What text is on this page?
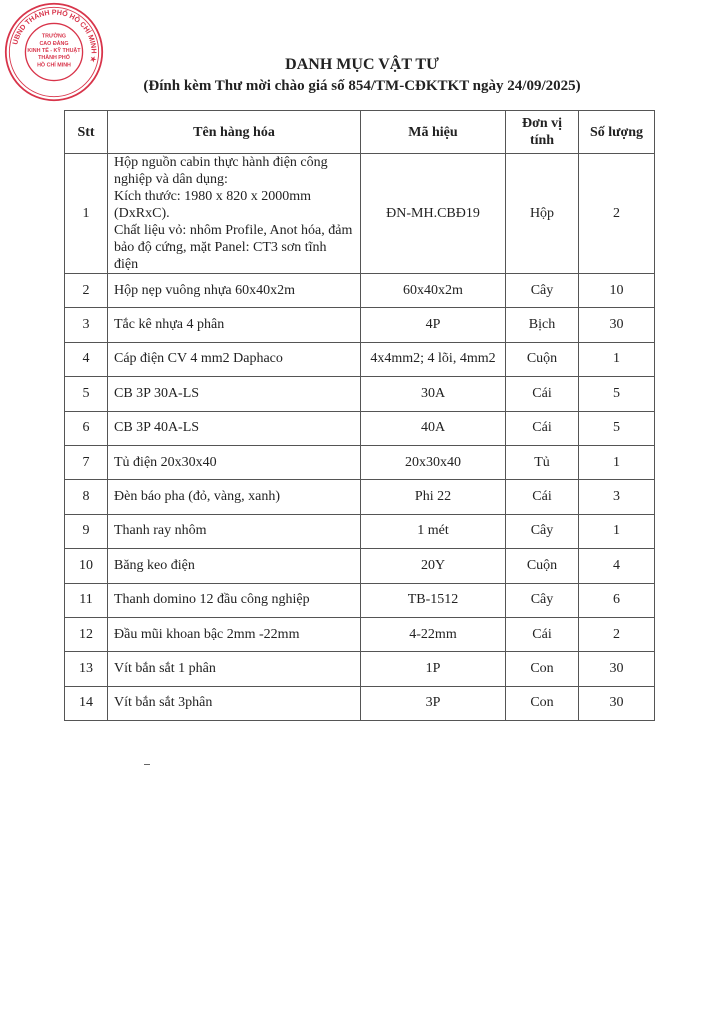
DANH MỤC VẬT TƯ
(Đính kèm Thư mời chào giá số 854/TM-CĐKTKT ngày 24/09/2025)
Stt	Tên hàng hóa	Mã hiệu	Đơn vị tính	Số lượng
1	Hộp nguồn cabin thực hành điện công nghiệp và dân dụng:
Kích thước: 1980 x 820 x 2000mm (DxRxC).
Chất liệu vỏ: nhôm Profile, Anot hóa, đảm bảo độ cứng, mặt Panel: CT3 sơn tĩnh điện	ĐN-MH.CBĐ19	Hộp	2
2	Hộp nẹp vuông nhựa 60x40x2m	60x40x2m	Cây	10
3	Tắc kê nhựa 4 phân	4P	Bịch	30
4	Cáp điện CV 4 mm2 Daphaco	4x4mm2; 4 lõi, 4mm2	Cuộn	1
5	CB 3P 30A-LS	30A	Cái	5
6	CB 3P 40A-LS	40A	Cái	5
7	Tủ điện 20x30x40	20x30x40	Tủ	1
8	Đèn báo pha (đỏ, vàng, xanh)	Phi 22	Cái	3
9	Thanh ray nhôm	1 mét	Cây	1
10	Băng keo điện	20Y	Cuộn	4
11	Thanh domino 12 đầu công nghiệp	TB-1512	Cây	6
12	Đầu mũi khoan bậc 2mm -22mm	4-22mm	Cái	2
13	Vít bắn sắt 1 phân	1P	Con	30
14	Vít bắn sắt 3phân	3P	Con	30
UBND THÀNH PHỐ HỒ CHÍ MINH ★
TRƯỜNG
CAO ĐẲNG
KINH TẾ - KỸ THUẬT
THÀNH PHỐ
HỒ CHÍ MINH
